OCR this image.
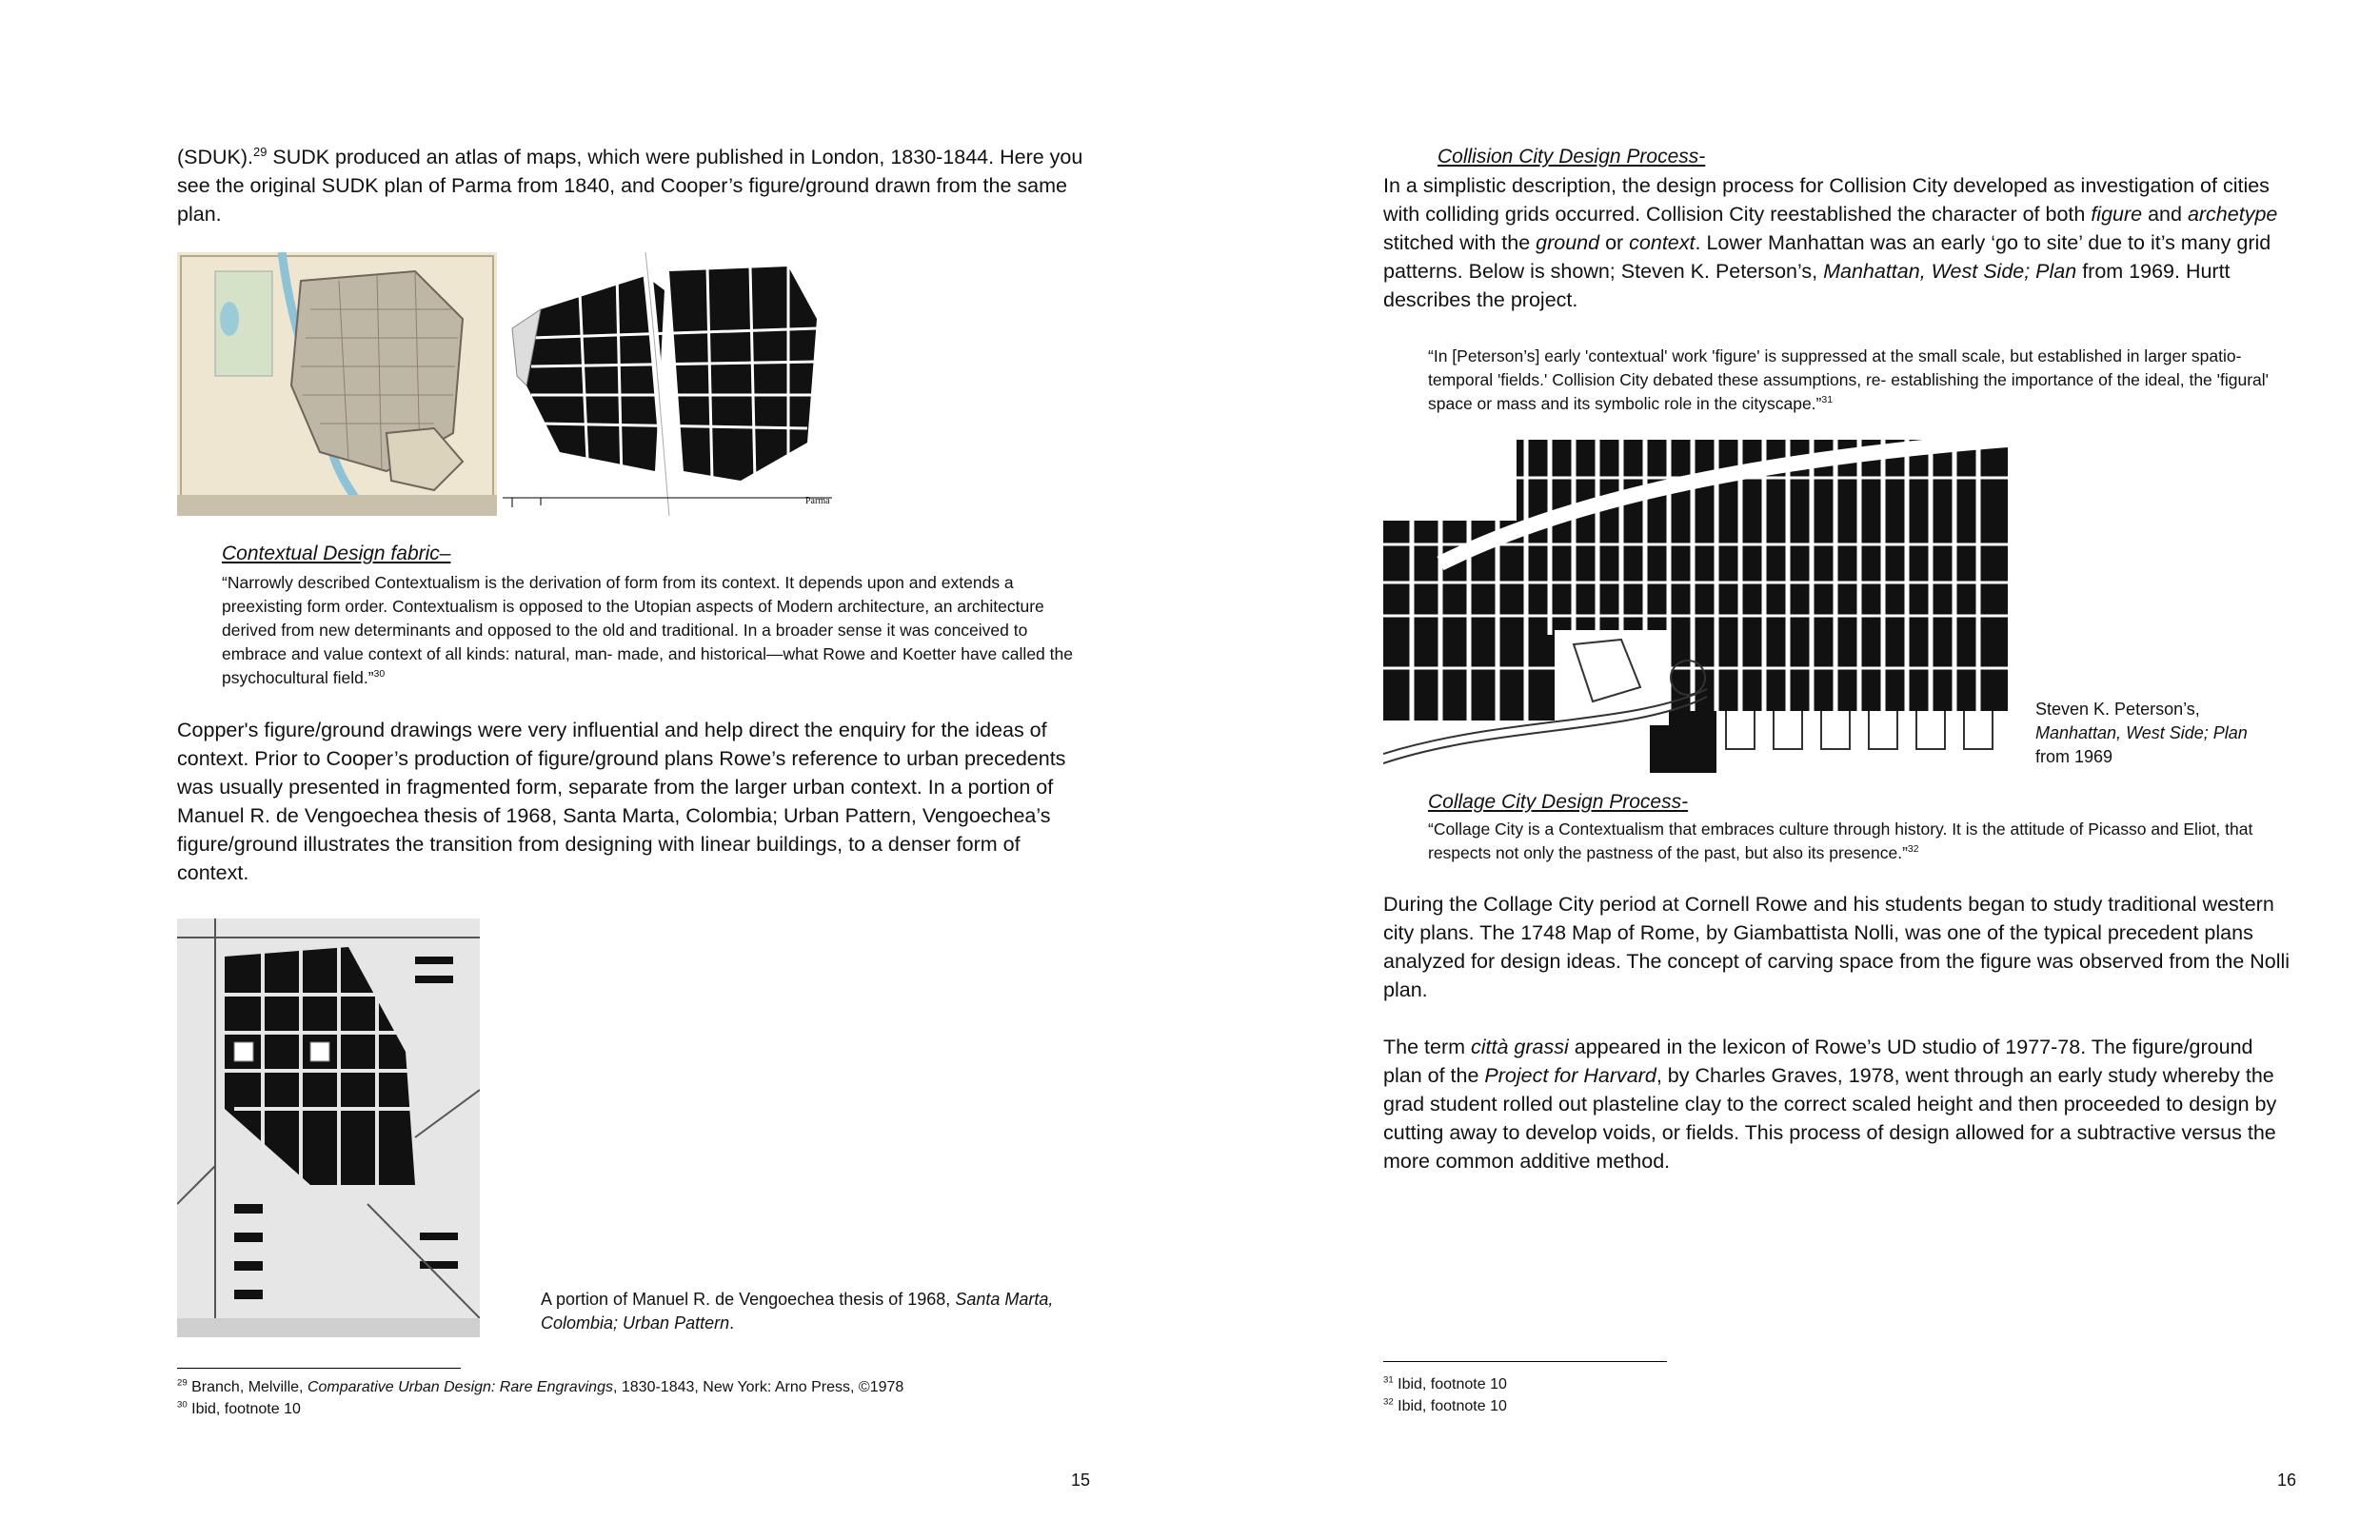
(SDUK).$^{29}$ SUDK produced an atlas of maps, which were published in London, 1830-1844. Here you see the original SUDK plan of Parma from 1840, and Cooper’s figure/ground drawn from the same plan.
Parma
Contextual Design fabric–
“Narrowly described Contextualism is the derivation of form from its context. It depends upon and extends a preexisting form order. Contextualism is opposed to the Utopian aspects of Modern architecture, an architecture derived from new determinants and opposed to the old and traditional. In a broader sense it was conceived to embrace and value context of all kinds: natural, man- made, and historical—what Rowe and Koetter have called the psychocultural field.”$^{30}$
Copper's figure/ground drawings were very influential and help direct the enquiry for the ideas of context. Prior to Cooper’s production of figure/ground plans Rowe’s reference to urban precedents was usually presented in fragmented form, separate from the larger urban context. In a portion of Manuel R. de Vengoechea thesis of 1968, Santa Marta, Colombia; Urban Pattern, Vengoechea’s figure/ground illustrates the transition from designing with linear buildings, to a denser form of context.
A portion of Manuel R. de Vengoechea thesis of 1968, Santa Marta, Colombia; Urban Pattern.
$^{29}$ Branch, Melville, Comparative Urban Design: Rare Engravings, 1830-1843, New York: Arno Press, ©1978
$^{30}$ Ibid, footnote 10
15
Collision City Design Process-
In a simplistic description, the design process for Collision City developed as investigation of cities with colliding grids occurred. Collision City reestablished the character of both figure and archetype stitched with the ground or context. Lower Manhattan was an early ‘go to site’ due to it’s many grid patterns. Below is shown; Steven K. Peterson’s, Manhattan, West Side; Plan from 1969. Hurtt describes the project.
“In [Peterson’s] early 'contextual' work 'figure' is suppressed at the small scale, but established in larger spatio-temporal 'fields.' Collision City debated these assumptions, re- establishing the importance of the ideal, the 'figural' space or mass and its symbolic role in the cityscape.”$^{31}$
Steven K. Peterson’s,
Manhattan, West Side; Plan
from 1969
Collage City Design Process-
“Collage City is a Contextualism that embraces culture through history. It is the attitude of Picasso and Eliot, that respects not only the pastness of the past, but also its presence.”$^{32}$
During the Collage City period at Cornell Rowe and his students began to study traditional western city plans. The 1748 Map of Rome, by Giambattista Nolli, was one of the typical precedent plans analyzed for design ideas. The concept of carving space from the figure was observed from the Nolli plan.
The term città grassi appeared in the lexicon of Rowe’s UD studio of 1977-78. The figure/ground plan of the Project for Harvard, by Charles Graves, 1978, went through an early study whereby the grad student rolled out plasteline clay to the correct scaled height and then proceeded to design by cutting away to develop voids, or fields. This process of design allowed for a subtractive versus the more common additive method.
$^{31}$ Ibid, footnote 10
$^{32}$ Ibid, footnote 10
16
